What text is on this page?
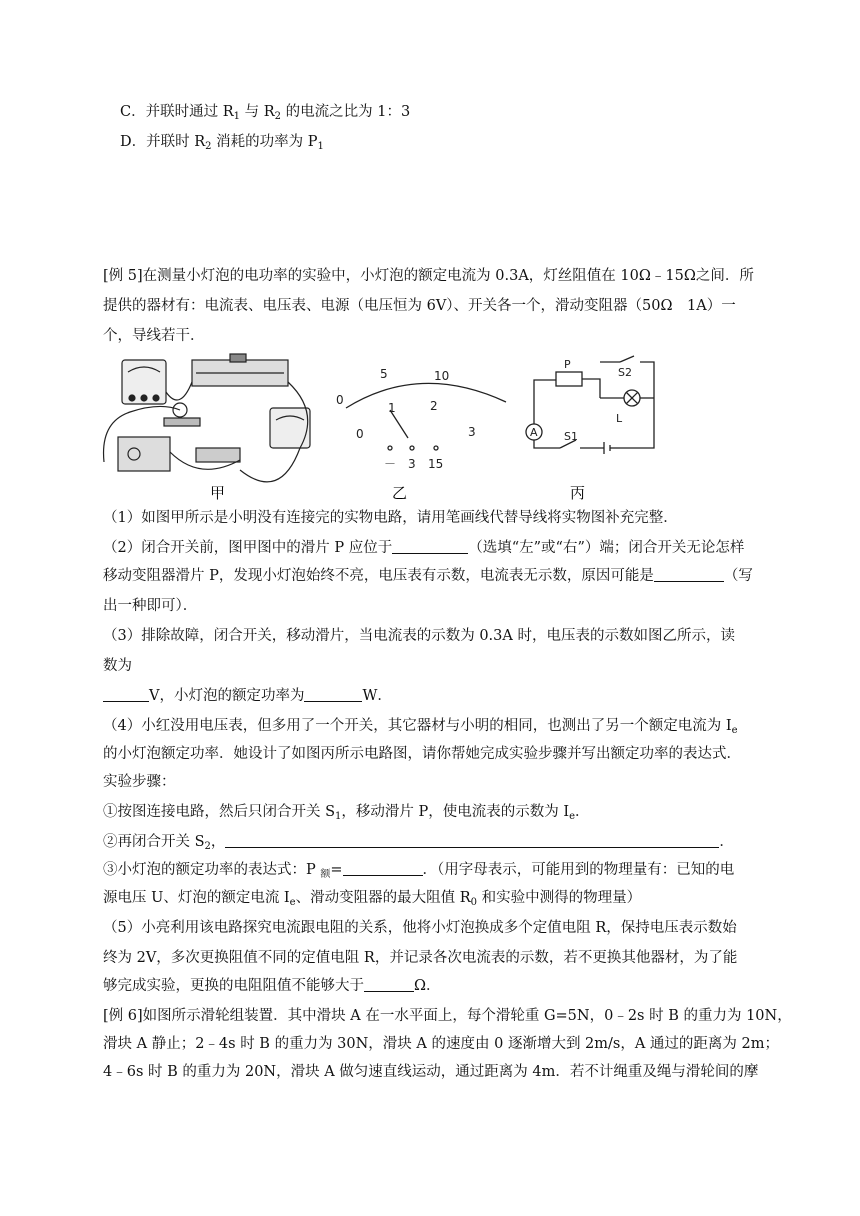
C．并联时通过 $R_1$ 与 $R_2$ 的电流之比为 1：3
D．并联时 $R_2$ 消耗的功率为 $P_1$
[例 5]在测量小灯泡的电功率的实验中，小灯泡的额定电流为 0.3A，灯丝阻值在 10Ω﹣15Ω之间．所
提供的器材有：电流表、电压表、电源（电压恒为 6V）、开关各一个，滑动变阻器（50Ω　1A）一
个，导线若干．
甲
0
5	10
0
1	2
3
－ 3 15
乙
A
P
L
S2
S1
丙
（1）如图甲所示是小明没有连接完的实物电路，请用笔画线代替导线将实物图补充完整．
（2）闭合开关前，图甲图中的滑片 P 应位于	（选填“左”或“右”）端；闭合开关无论怎样
移动变阻器滑片 P，发现小灯泡始终不亮，电压表有示数，电流表无示数，原因可能是	（写
出一种即可）．
（3）排除故障，闭合开关，移动滑片，当电流表的示数为 0.3A 时，电压表的示数如图乙所示，读
数为
V，小灯泡的额定功率为	W．
（4）小红没用电压表，但多用了一个开关，其它器材与小明的相同，也测出了另一个额定电流为 $I_e$
的小灯泡额定功率．她设计了如图丙所示电路图，请你帮她完成实验步骤并写出额定功率的表达式．
实验步骤：
①按图连接电路，然后只闭合开关 $S_1$，移动滑片 P，使电流表的示数为 $I_e$．
②再闭合开关 $S_2$，	．
③小灯泡的额定功率的表达式：P $_额$=	．（用字母表示，可能用到的物理量有：已知的电
源电压 U、灯泡的额定电流 $I_e$、滑动变阻器的最大阻值 $R_0$ 和实验中测得的物理量）
（5）小亮利用该电路探究电流跟电阻的关系，他将小灯泡换成多个定值电阻 R，保持电压表示数始
终为 2V，多次更换阻值不同的定值电阻 R，并记录各次电流表的示数，若不更换其他器材，为了能
够完成实验，更换的电阻阻值不能够大于	Ω．
[例 6]如图所示滑轮组装置．其中滑块 A 在一水平面上，每个滑轮重 G=5N，0﹣2s 时 B 的重力为 10N，
滑块 A 静止；2﹣4s 时 B 的重力为 30N，滑块 A 的速度由 0 逐渐增大到 2m/s，A 通过的距离为 2m；
4﹣6s 时 B 的重力为 20N，滑块 A 做匀速直线运动，通过距离为 4m．若不计绳重及绳与滑轮间的摩
